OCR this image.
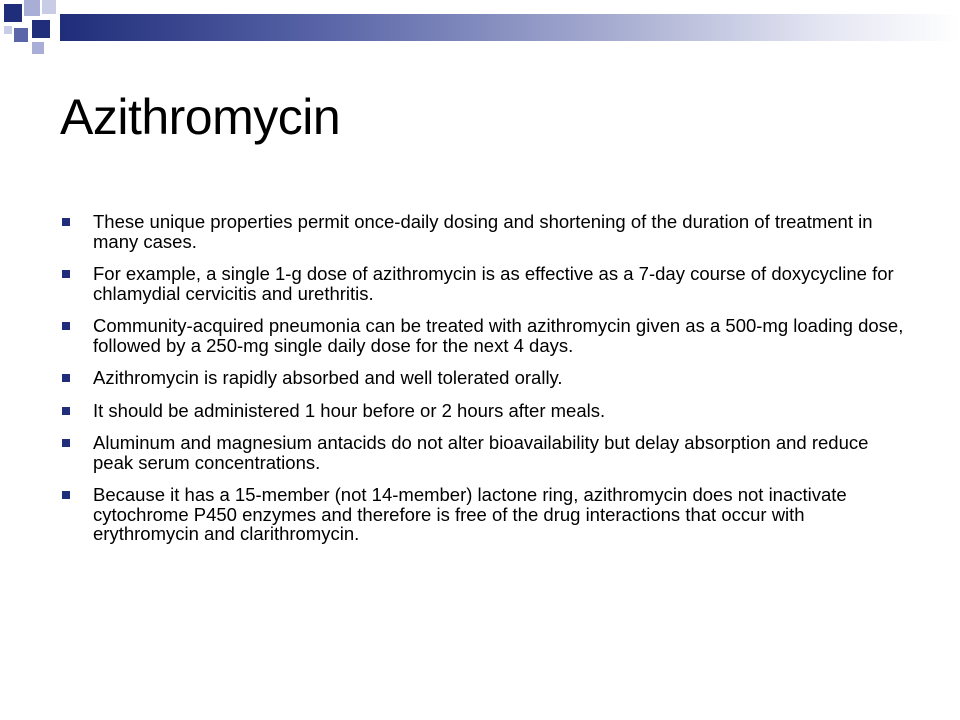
Azithromycin
These unique properties permit once-daily dosing and shortening of the duration of treatment in many cases.
For example, a single 1-g dose of azithromycin is as effective as a 7-day course of doxycycline for chlamydial cervicitis and urethritis.
Community-acquired pneumonia can be treated with azithromycin given as a 500-mg loading dose, followed by a 250-mg single daily dose for the next 4 days.
Azithromycin is rapidly absorbed and well tolerated orally.
It should be administered 1 hour before or 2 hours after meals.
Aluminum and magnesium antacids do not alter bioavailability but delay absorption and reduce peak serum concentrations.
Because it has a 15-member (not 14-member) lactone ring, azithromycin does not inactivate cytochrome P450 enzymes and therefore is free of the drug interactions that occur with erythromycin and clarithromycin.
